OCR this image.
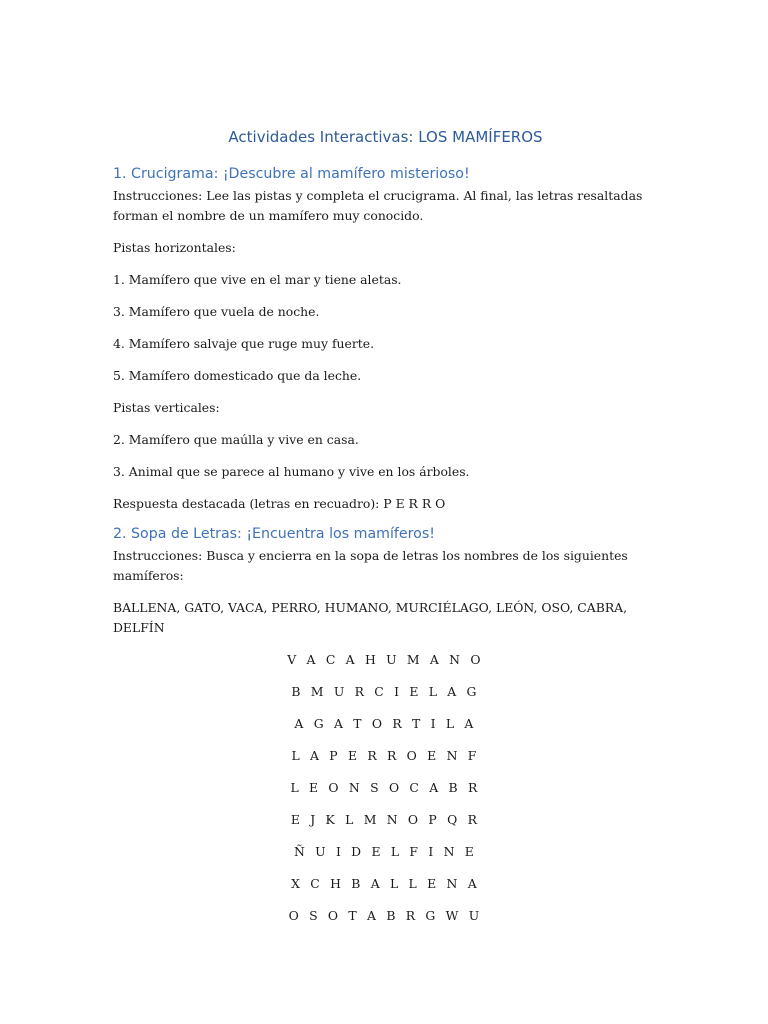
Actividades Interactivas: LOS MAMÍFEROS
1. Crucigrama: ¡Descubre al mamífero misterioso!

Instrucciones: Lee las pistas y completa el crucigrama. Al final, las letras resaltadas forman el nombre de un mamífero muy conocido.

Pistas horizontales:

1. Mamífero que vive en el mar y tiene aletas.

3. Mamífero que vuela de noche.

4. Mamífero salvaje que ruge muy fuerte.

5. Mamífero domesticado que da leche.

Pistas verticales:

2. Mamífero que maúlla y vive en casa.

3. Animal que se parece al humano y vive en los árboles.

Respuesta destacada (letras en recuadro): P E R R O

2. Sopa de Letras: ¡Encuentra los mamíferos!

Instrucciones: Busca y encierra en la sopa de letras los nombres de los siguientes mamíferos:

BALLENA, GATO, VACA, PERRO, HUMANO, MURCIÉLAGO, LEÓN, OSO, CABRA, DELFÍN

V A C A H U M A N O
B M U R C I E L A G
A G A T O R T I L A
L A P E R R O E N F
L E O N S O C A B R
E J K L M N O P Q R
Ñ U I D E L F I N E
X C H B A L L E N A
O S O T A B R G W U
